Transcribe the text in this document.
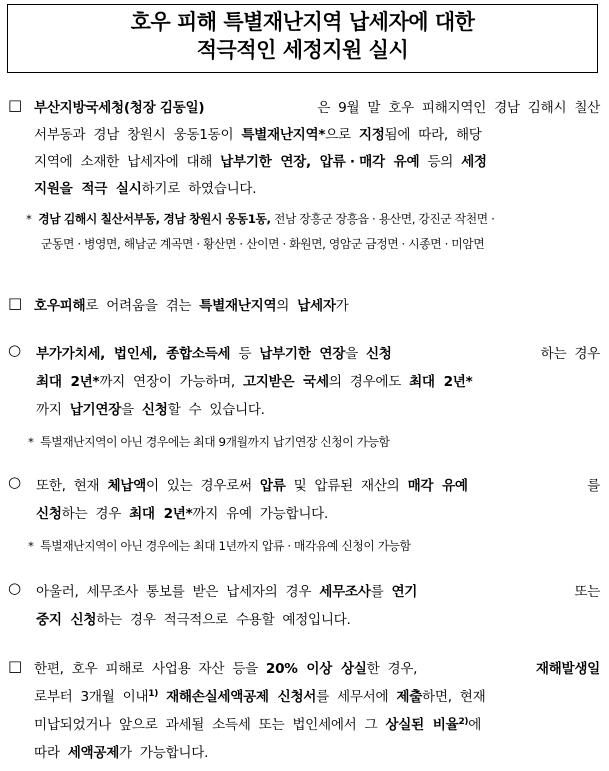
호우 피해 특별재난지역 납세자에 대한
적극적인 세정지원 실시
□ 부산지방국세청(청장 김동일)	은  9월  말  호우  피해지역인  경남  김해시  칠산
서부동과  경남  창원시  웅동1동이  특별재난지역*으로  지정됨에  따라,  해당
지역에  소재한  납세자에  대해  납부기한  연장,  압류 · 매각  유예  등의  세정
지원을  적극  실시하기로  하였습니다.
* 경남 김해시 칠산서부동, 경남 창원시 웅동1동, 전남 장흥군 장흥읍 · 용산면, 강진군 작천면 ·
군동면 · 병영면, 해남군 계곡면 · 황산면 · 산이면 · 화원면, 영암군 금정면 · 시종면 · 미암면
□ 호우피해로  어려움을  겪는  특별재난지역의  납세자가
○ 부가가치세,  법인세,  종합소득세  등  납부기한  연장을  신청	하는  경우
최대  2년*까지  연장이  가능하며,  고지받은  국세의  경우에도  최대  2년*
까지  납기연장을  신청할  수  있습니다.
*  특별재난지역이 아닌 경우에는 최대 9개월까지 납기연장 신청이 가능함
○ 또한,  현재  체납액이  있는  경우로써  압류  및  압류된  재산의  매각  유예	를
신청하는  경우  최대  2년*까지  유예  가능합니다.
*  특별재난지역이 아닌 경우에는 최대 1년까지 압류 · 매각유예 신청이 가능함
○ 아울러,  세무조사  통보를  받은  납세자의  경우  세무조사를  연기	또는
중지  신청하는  경우  적극적으로  수용할  예정입니다.
□ 한편,  호우  피해로  사업용  자산  등을  20%  이상  상실한  경우,	재해발생일
로부터  3개월  이내$^{1)}$ 재해손실세액공제  신청서를  세무서에  제출하면,  현재
미납되었거나  앞으로  과세될  소득세  또는  법인세에서  그  상실된  비율$^{2)}$에
따라  세액공제가  가능합니다.
